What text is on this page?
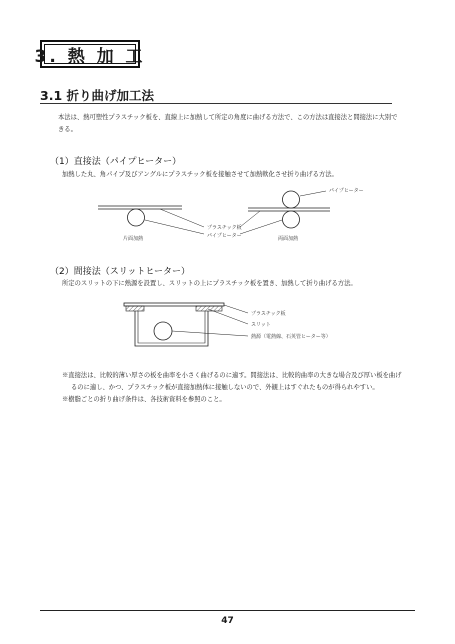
3. 熱 加 工
3.1 折り曲げ加工法
本法は、熱可塑性プラスチック板を、直線上に加熱して所定の角度に曲げる方法で、この方法は直接法と間接法に大別できる。
（1）直接法（パイプヒーター）
加熱した丸、角パイプ及びアングルにプラスチック板を接触させて加熱軟化させ折り曲げる方法。
パイプヒーター
プラスチック板
パイプヒーター
片面加熱	両面加熱
（2）間接法（スリットヒーター）
所定のスリットの下に熱源を設置し、スリットの上にプラスチック板を置き、加熱して折り曲げる方法。
プラスチック板
スリット
熱源（電熱線、石英管ヒーター等）

※直接法は、比較的薄い厚さの板を曲率を小さく曲げるのに適す。間接法は、比較的曲率の大きな場合及び厚い板を曲げるのに適し、かつ、プラスチック板が直接加熱体に接触しないので、外観上はすぐれたものが得られやすい。

※樹脂ごとの折り曲げ条件は、各技術資料を参照のこと。

47
